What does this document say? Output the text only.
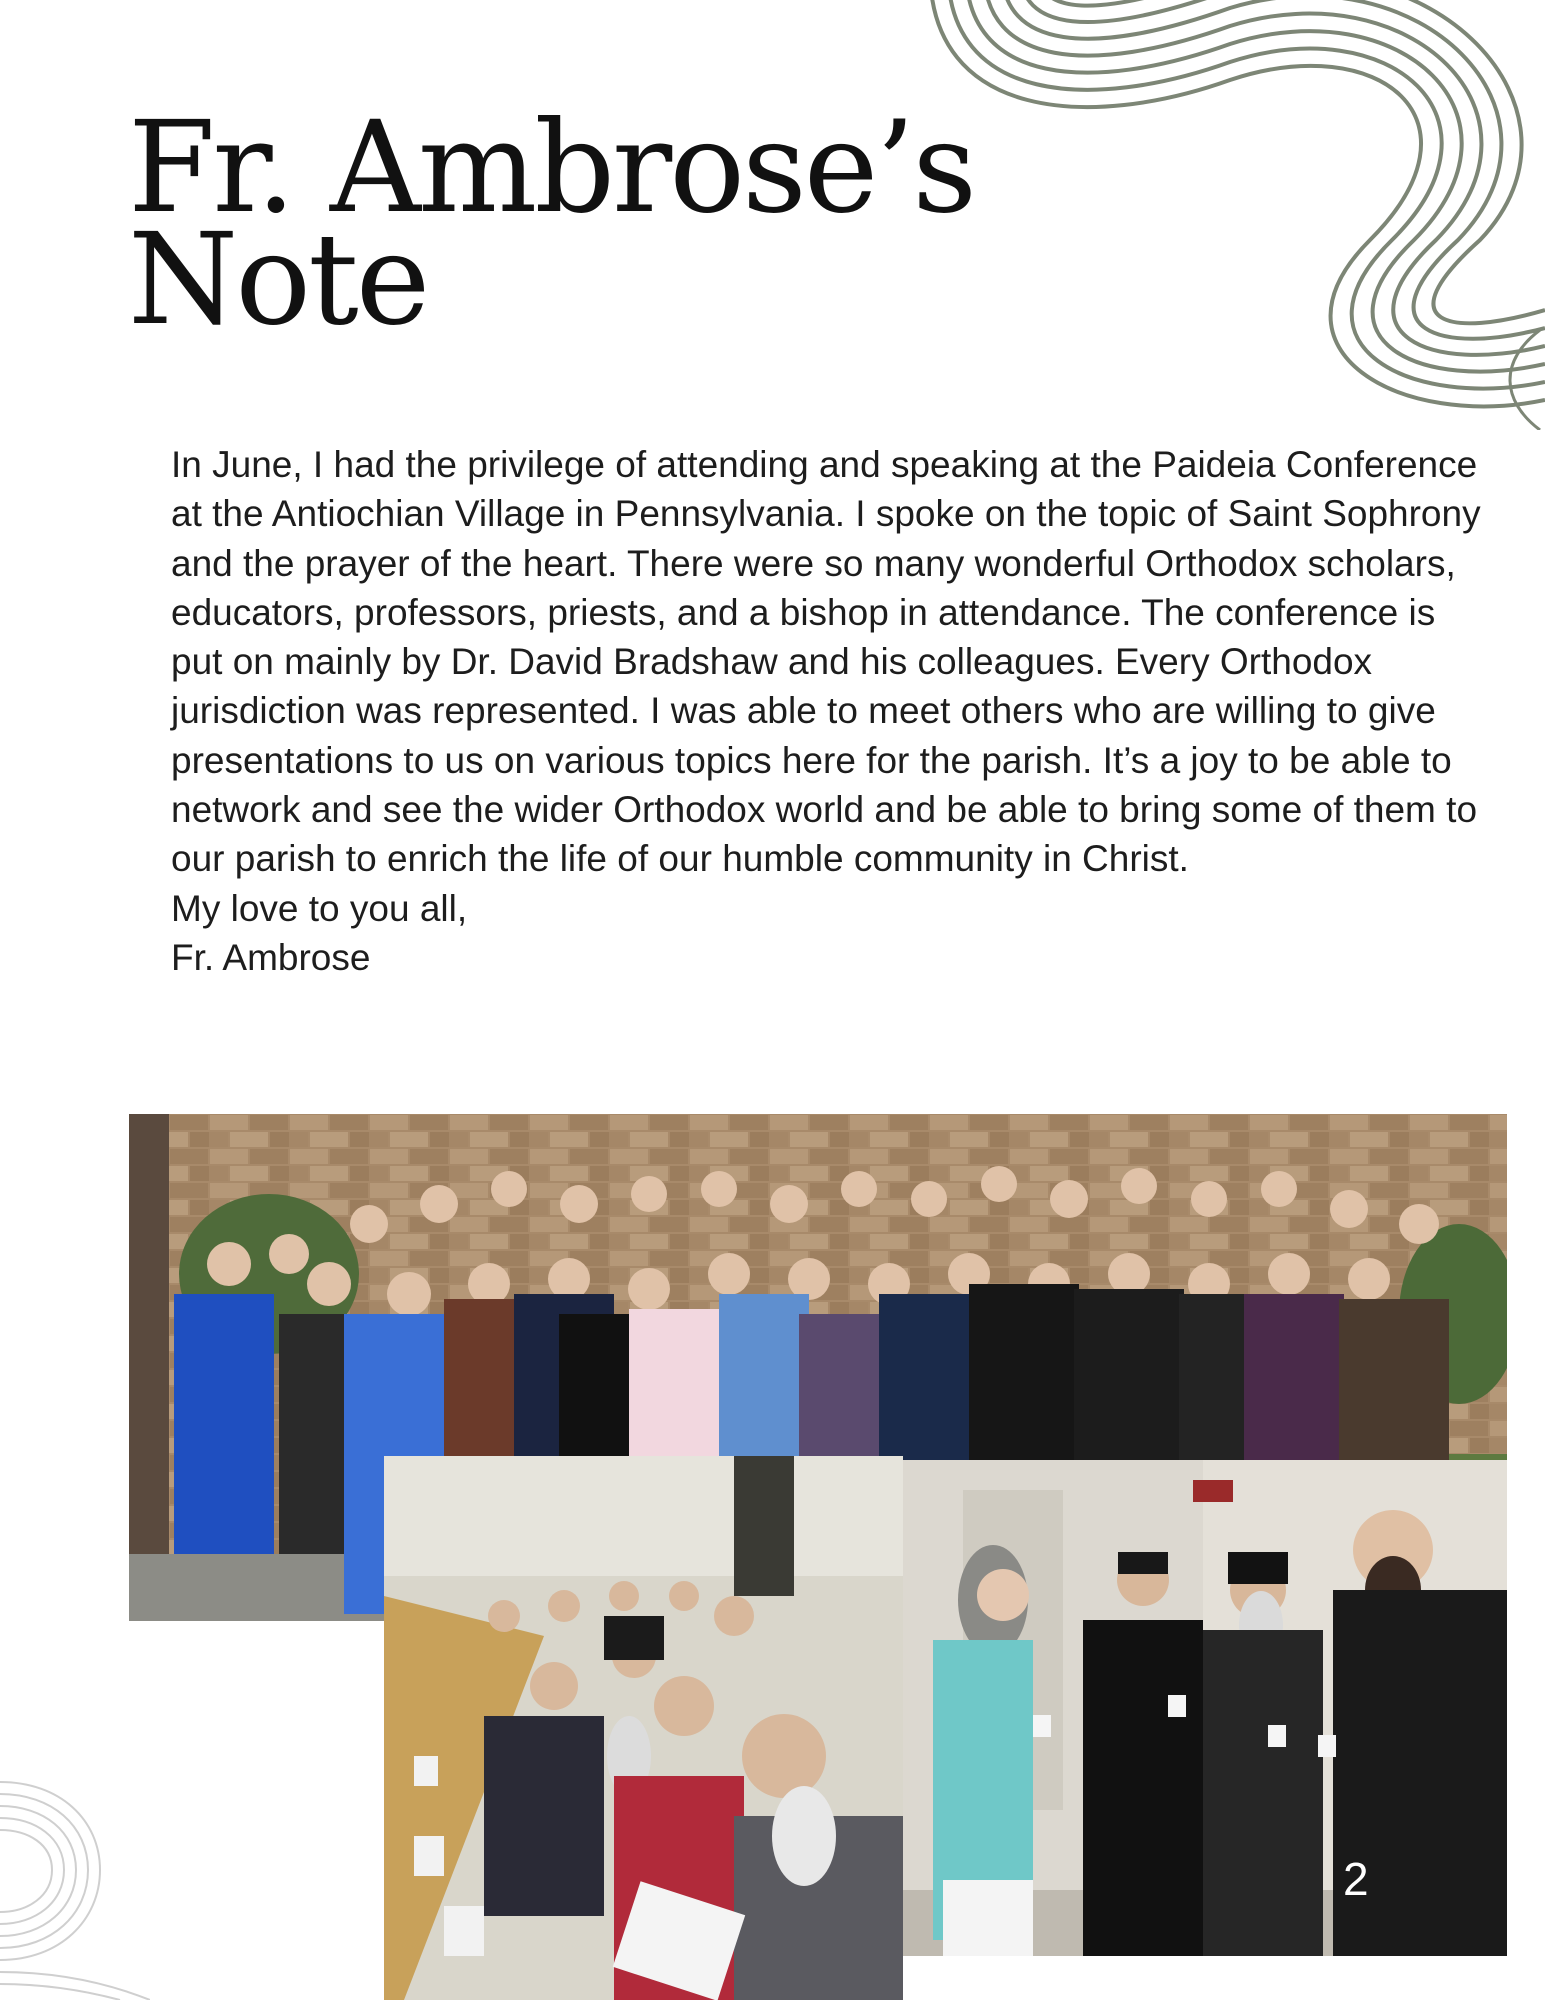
Fr. Ambrose’s
Note

In June, I had the privilege of attending and speaking at the Paideia Conference at the Antiochian Village in Pennsylvania. I spoke on the topic of Saint Sophrony and the prayer of the heart. There were so many wonderful Orthodox scholars, educators, professors, priests, and a bishop in attendance. The conference is put on mainly by Dr. David Bradshaw and his colleagues. Every Orthodox jurisdiction was represented. I was able to meet others who are willing to give presentations to us on various topics here for the parish. It’s a joy to be able to network and see the wider Orthodox world and be able to bring some of them to our parish to enrich the life of our humble community in Christ.

My love to you all,

Fr. Ambrose

2
